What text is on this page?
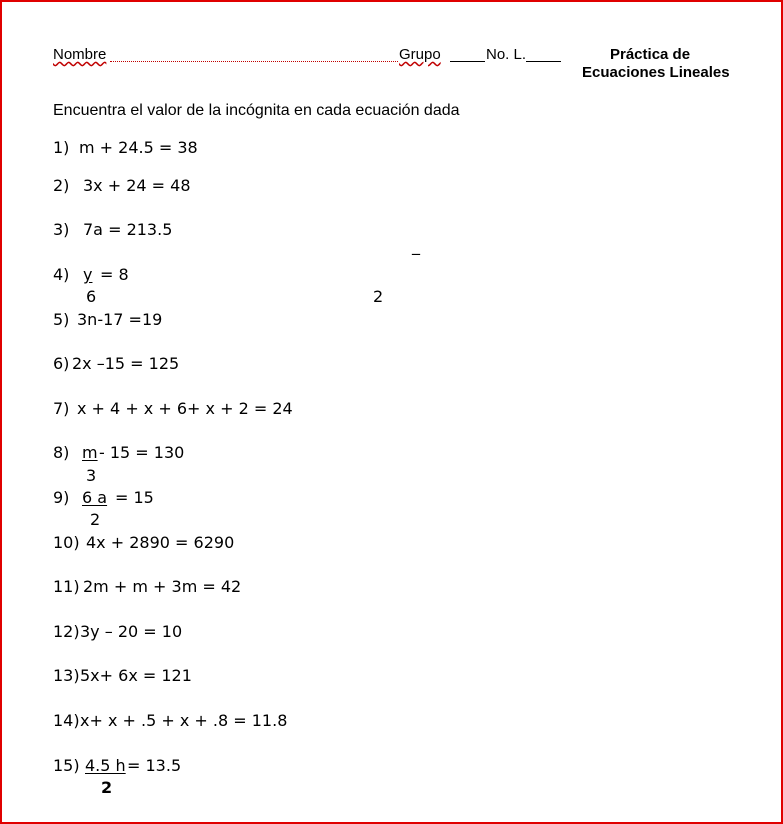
Nombre	Grupo	No. L.	Práctica de
Ecuaciones Lineales
Encuentra el valor de la incógnita en cada ecuación dada
1) m + 24.5 = 38
2) 3x + 24 = 48
3) 7a = 213.5
_
4) y = 8
6	2
5) 3n-17 =19
6) 2x –15 = 125
7) x + 4 + x + 6+ x + 2 = 24
8) m - 15 = 130
3
9) 6 a = 15
2
10) 4x + 2890 = 6290
11) 2m + m + 3m = 42
12) 3y – 20 = 10
13) 5x+ 6x = 121
14) x+ x + .5 + x + .8 = 11.8
15) 4.5 h = 13.5
2
